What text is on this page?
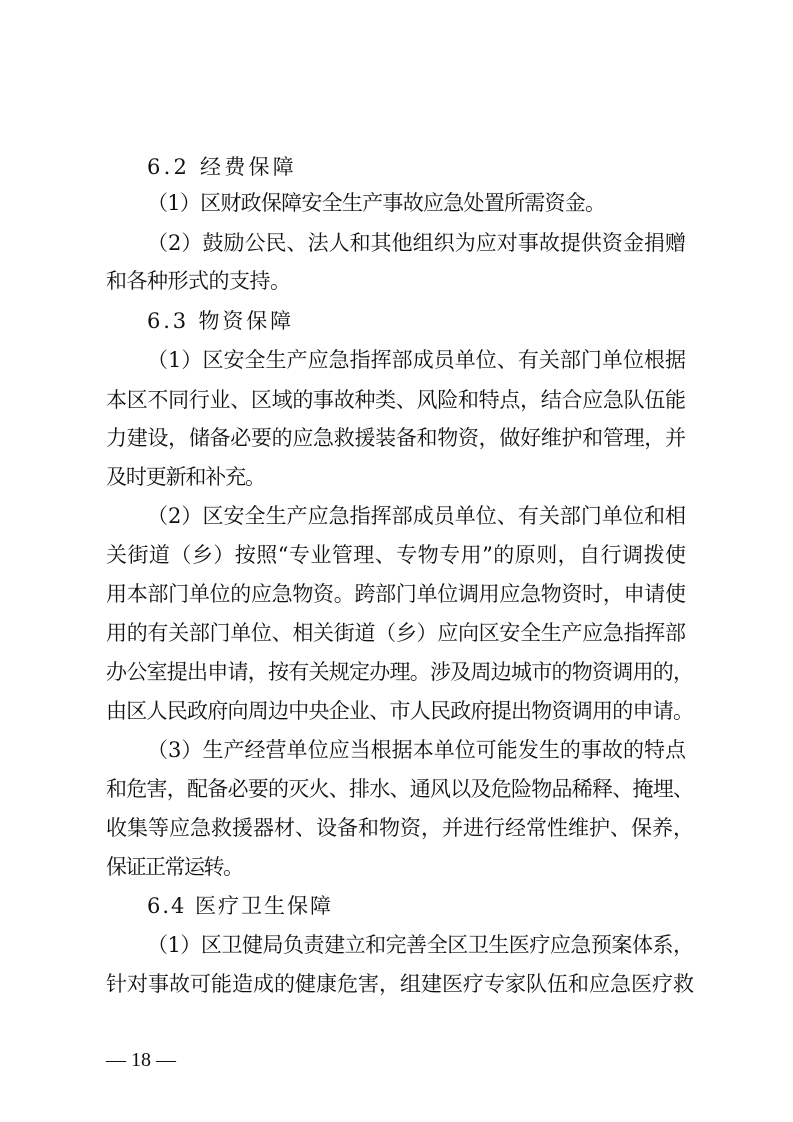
6.2 经费保障
（1）区财政保障安全生产事故应急处置所需资金。
（2）鼓励公民、法人和其他组织为应对事故提供资金捐赠
和各种形式的支持。
6.3 物资保障
（1）区安全生产应急指挥部成员单位、有关部门单位根据
本区不同行业、区域的事故种类、风险和特点，结合应急队伍能
力建设，储备必要的应急救援装备和物资，做好维护和管理，并
及时更新和补充。
（2）区安全生产应急指挥部成员单位、有关部门单位和相
关街道（乡）按照“专业管理、专物专用”的原则，自行调拨使
用本部门单位的应急物资。跨部门单位调用应急物资时，申请使
用的有关部门单位、相关街道（乡）应向区安全生产应急指挥部
办公室提出申请，按有关规定办理。涉及周边城市的物资调用的，
由区人民政府向周边中央企业、市人民政府提出物资调用的申请。
（3）生产经营单位应当根据本单位可能发生的事故的特点
和危害，配备必要的灭火、排水、通风以及危险物品稀释、掩埋、
收集等应急救援器材、设备和物资，并进行经常性维护、保养，
保证正常运转。
6.4 医疗卫生保障
（1）区卫健局负责建立和完善全区卫生医疗应急预案体系，
针对事故可能造成的健康危害，组建医疗专家队伍和应急医疗救
— 18 —
